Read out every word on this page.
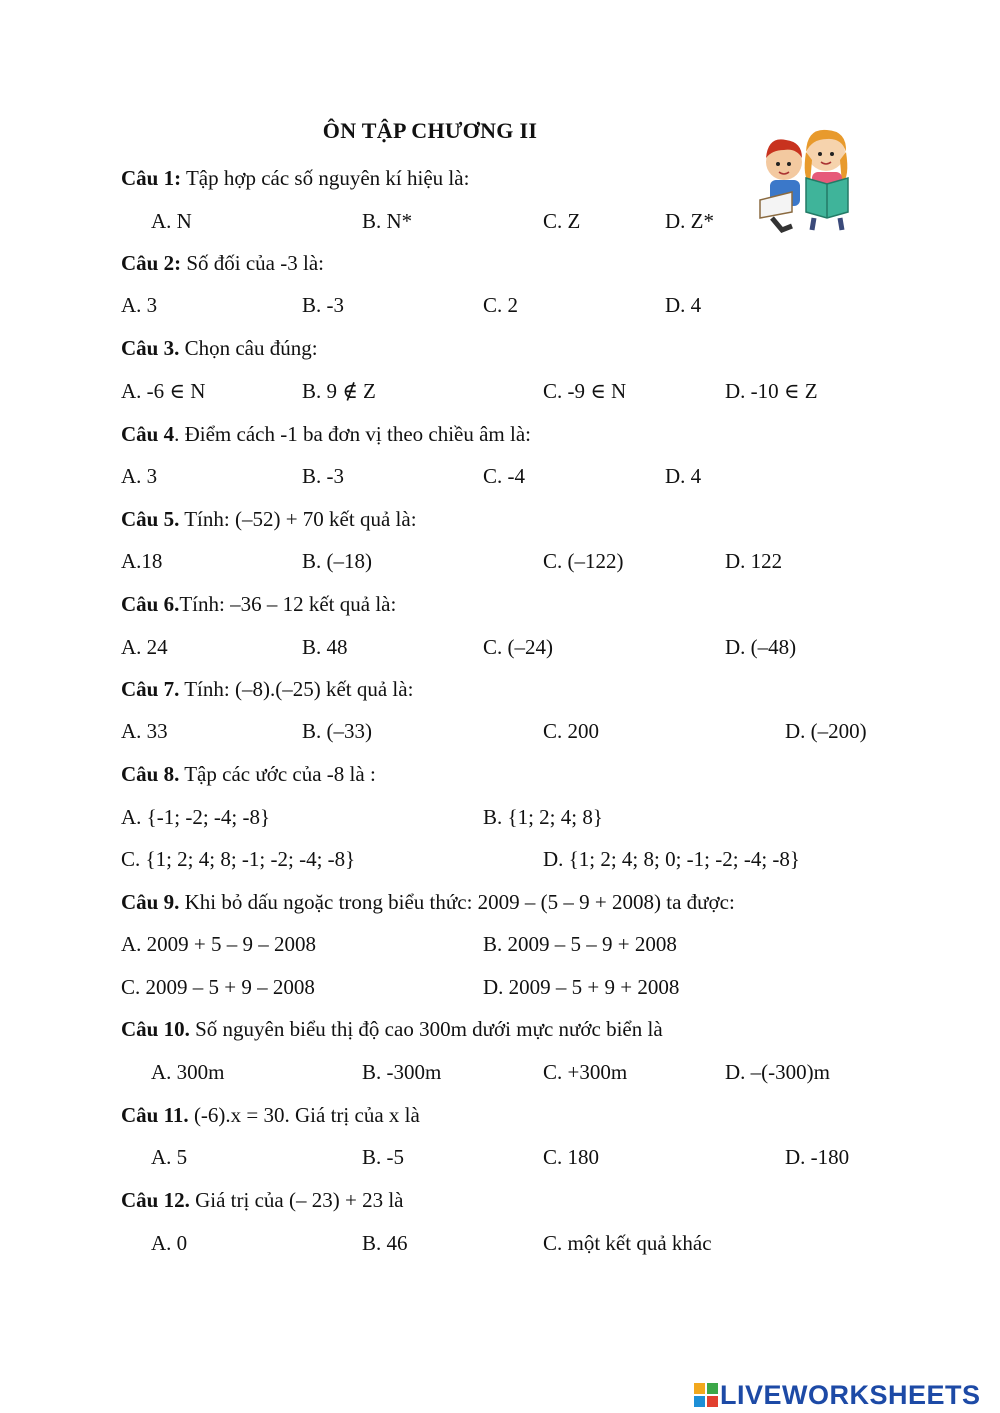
ÔN TẬP CHƯƠNG II
Câu 1: Tập hợp các số nguyên kí hiệu là:
A. N	B. N*	C. Z	D. Z*
Câu 2: Số đối của -3 là:
A. 3	B. -3	C. 2	D. 4
Câu 3. Chọn câu đúng:
A. -6 ∈ N	B. 9 ∉ Z	C. -9 ∈ N	D. -10 ∈ Z
Câu 4. Điểm cách -1 ba đơn vị theo chiều âm là:
A. 3	B. -3	C. -4	D. 4
Câu 5. Tính: (–52) + 70 kết quả là:
A.18	B. (–18)	C. (–122)	D. 122
Câu 6.Tính: –36 – 12 kết quả là:
A. 24	B. 48	C. (–24)	D. (–48)
Câu 7. Tính: (–8).(–25) kết quả là:
A. 33	B. (–33)	C. 200	D. (–200)
Câu 8. Tập các ước của -8 là :
A. {-1; -2; -4; -8}	B. {1; 2; 4; 8}
C. {1; 2; 4; 8; -1; -2; -4; -8}	D. {1; 2; 4; 8; 0; -1; -2; -4; -8}
Câu 9. Khi bỏ dấu ngoặc trong biểu thức: 2009 – (5 – 9 + 2008) ta được:
A. 2009 + 5 – 9 – 2008	B. 2009 – 5 – 9 + 2008
C. 2009 – 5 + 9 – 2008	D. 2009 – 5 + 9 + 2008
Câu 10. Số nguyên biểu thị độ cao 300m dưới mực nước biển là
A. 300m	B. -300m	C. +300m	D. –(-300)m
Câu 11. (-6).x = 30. Giá trị của x là
A. 5	B. -5	C. 180	D. -180
Câu 12. Giá trị của (– 23) + 23 là
A. 0	B. 46	C. một kết quả khác
LIVEWORKSHEETS
